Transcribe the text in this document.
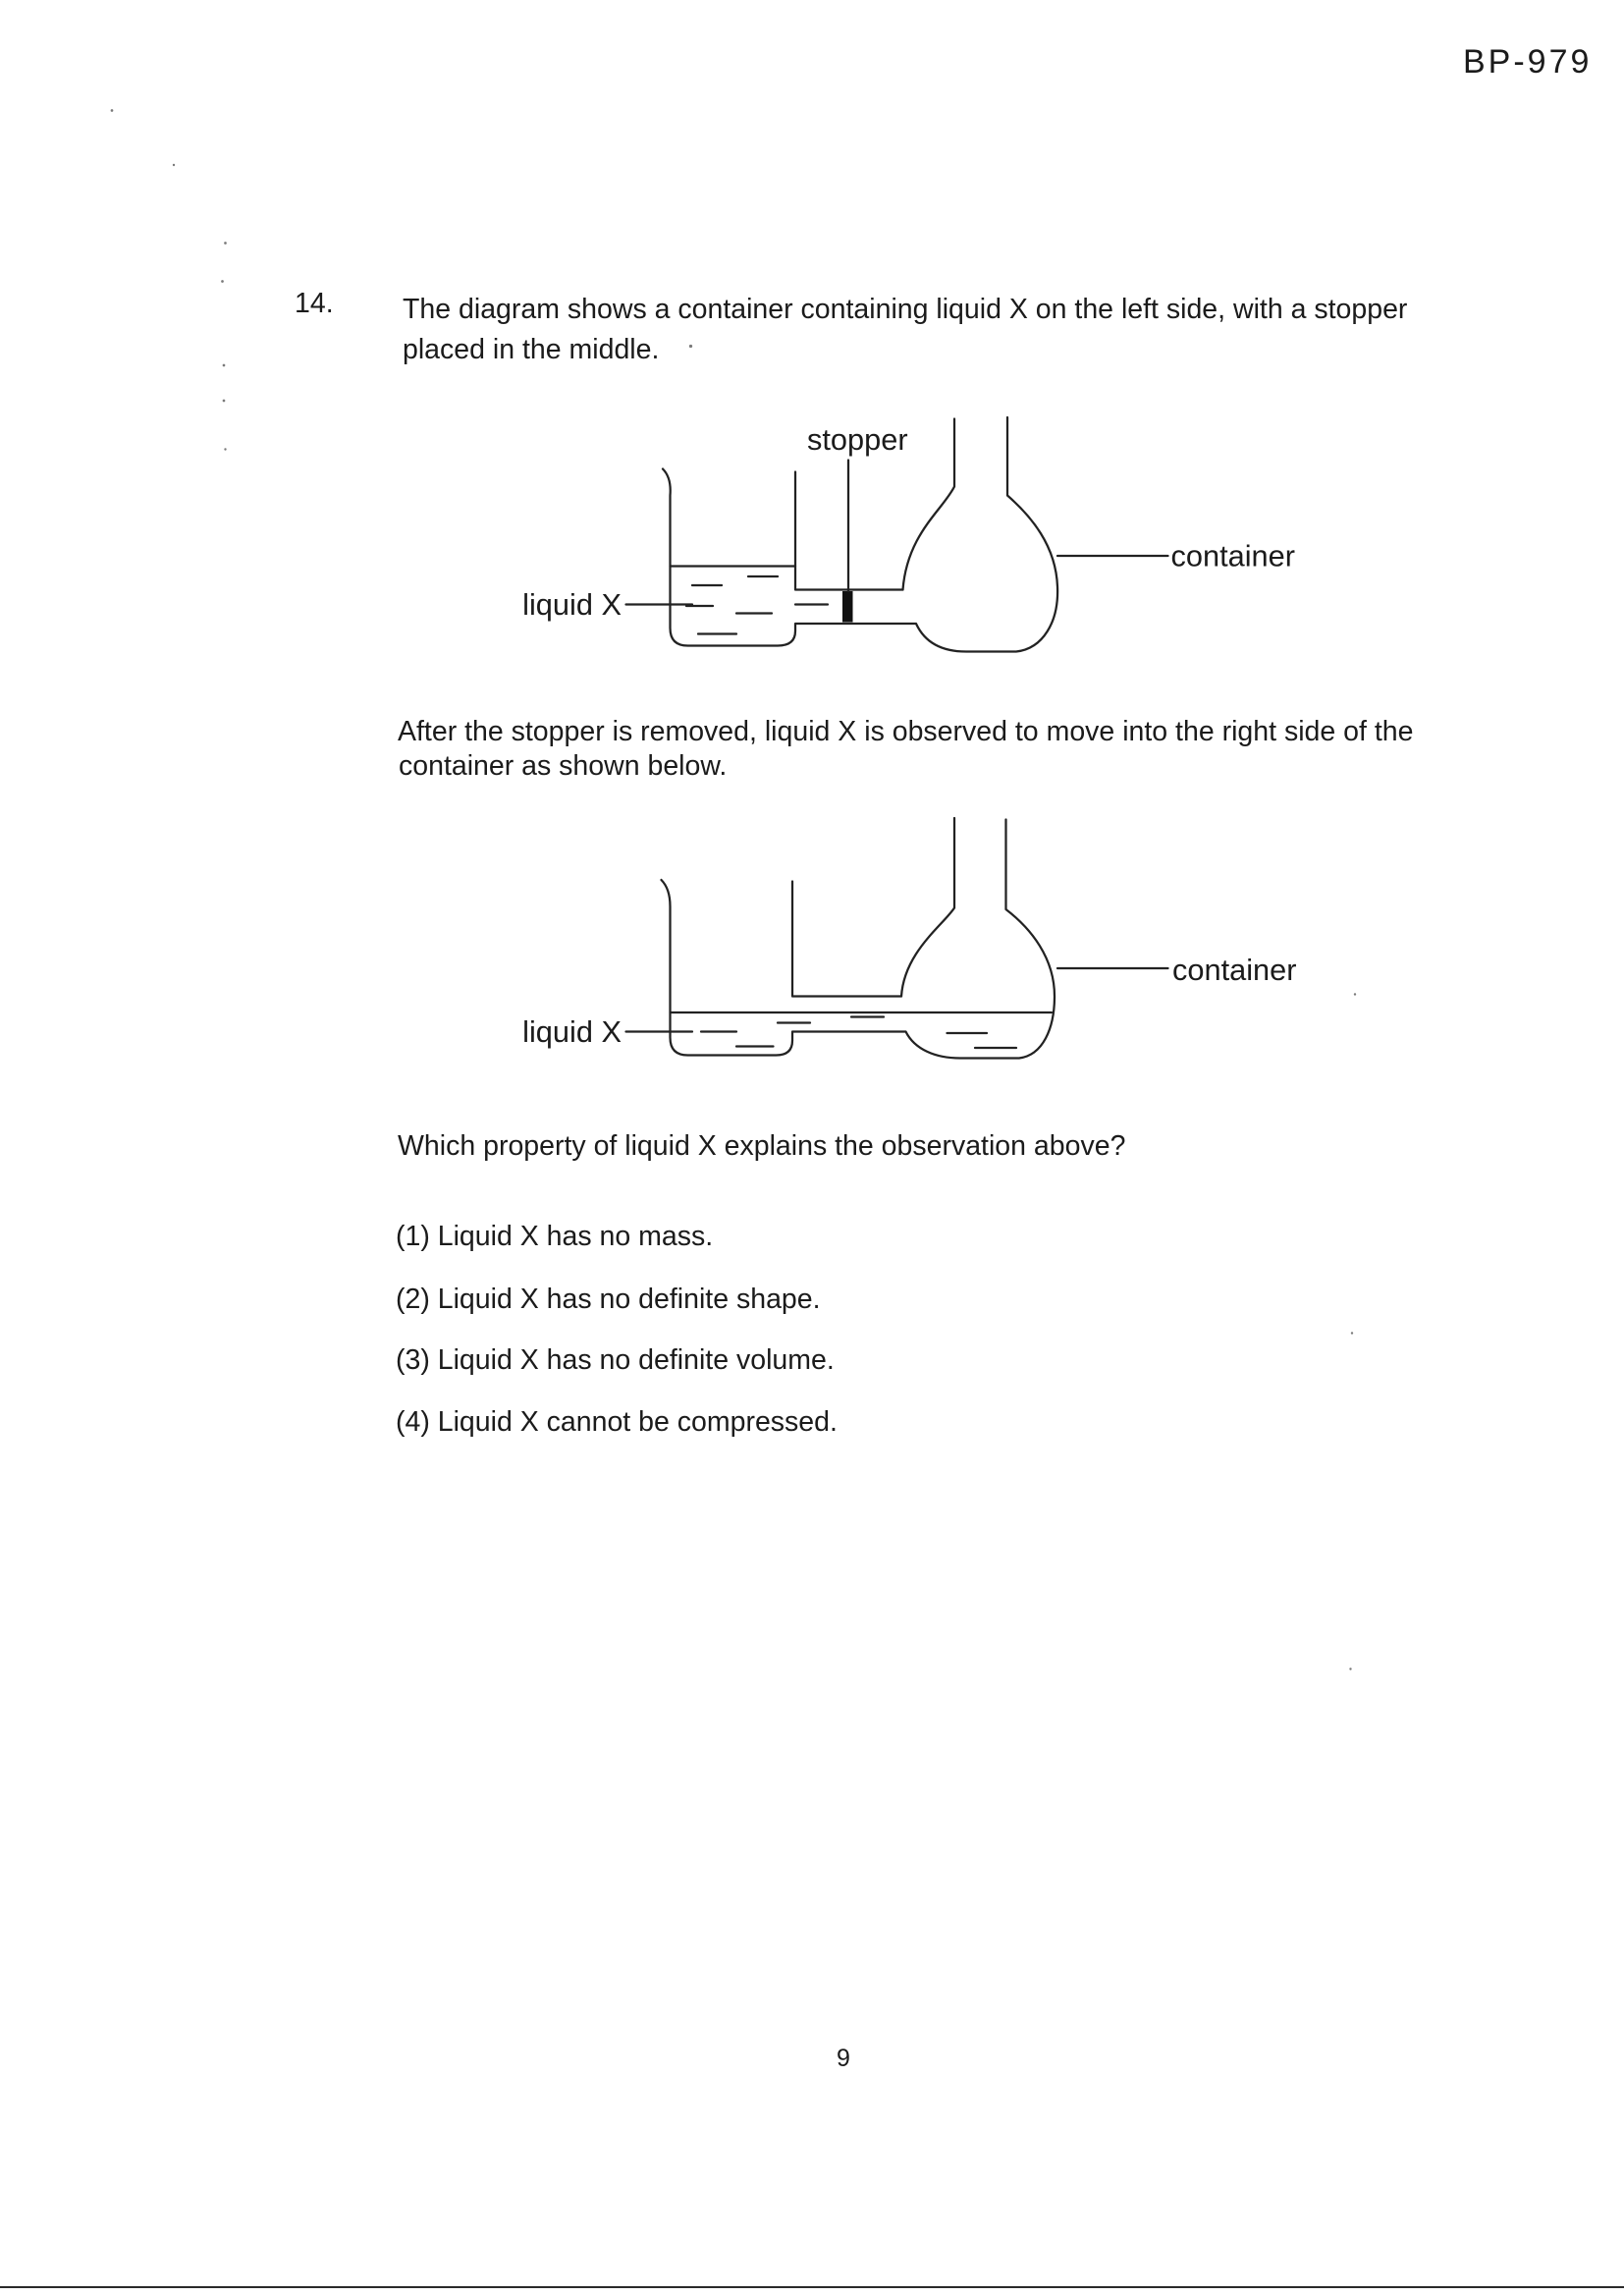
BP-979
14. The diagram shows a container containing liquid X on the left side, with a stopper
placed in the middle.
stopper
liquid X
container
After the stopper is removed, liquid X is observed to move into the right side of the
container as shown below.
liquid X
container
Which property of liquid X explains the observation above?
(1) Liquid X has no mass.
(2) Liquid X has no definite shape.
(3) Liquid X has no definite volume.
(4) Liquid X cannot be compressed.
9
